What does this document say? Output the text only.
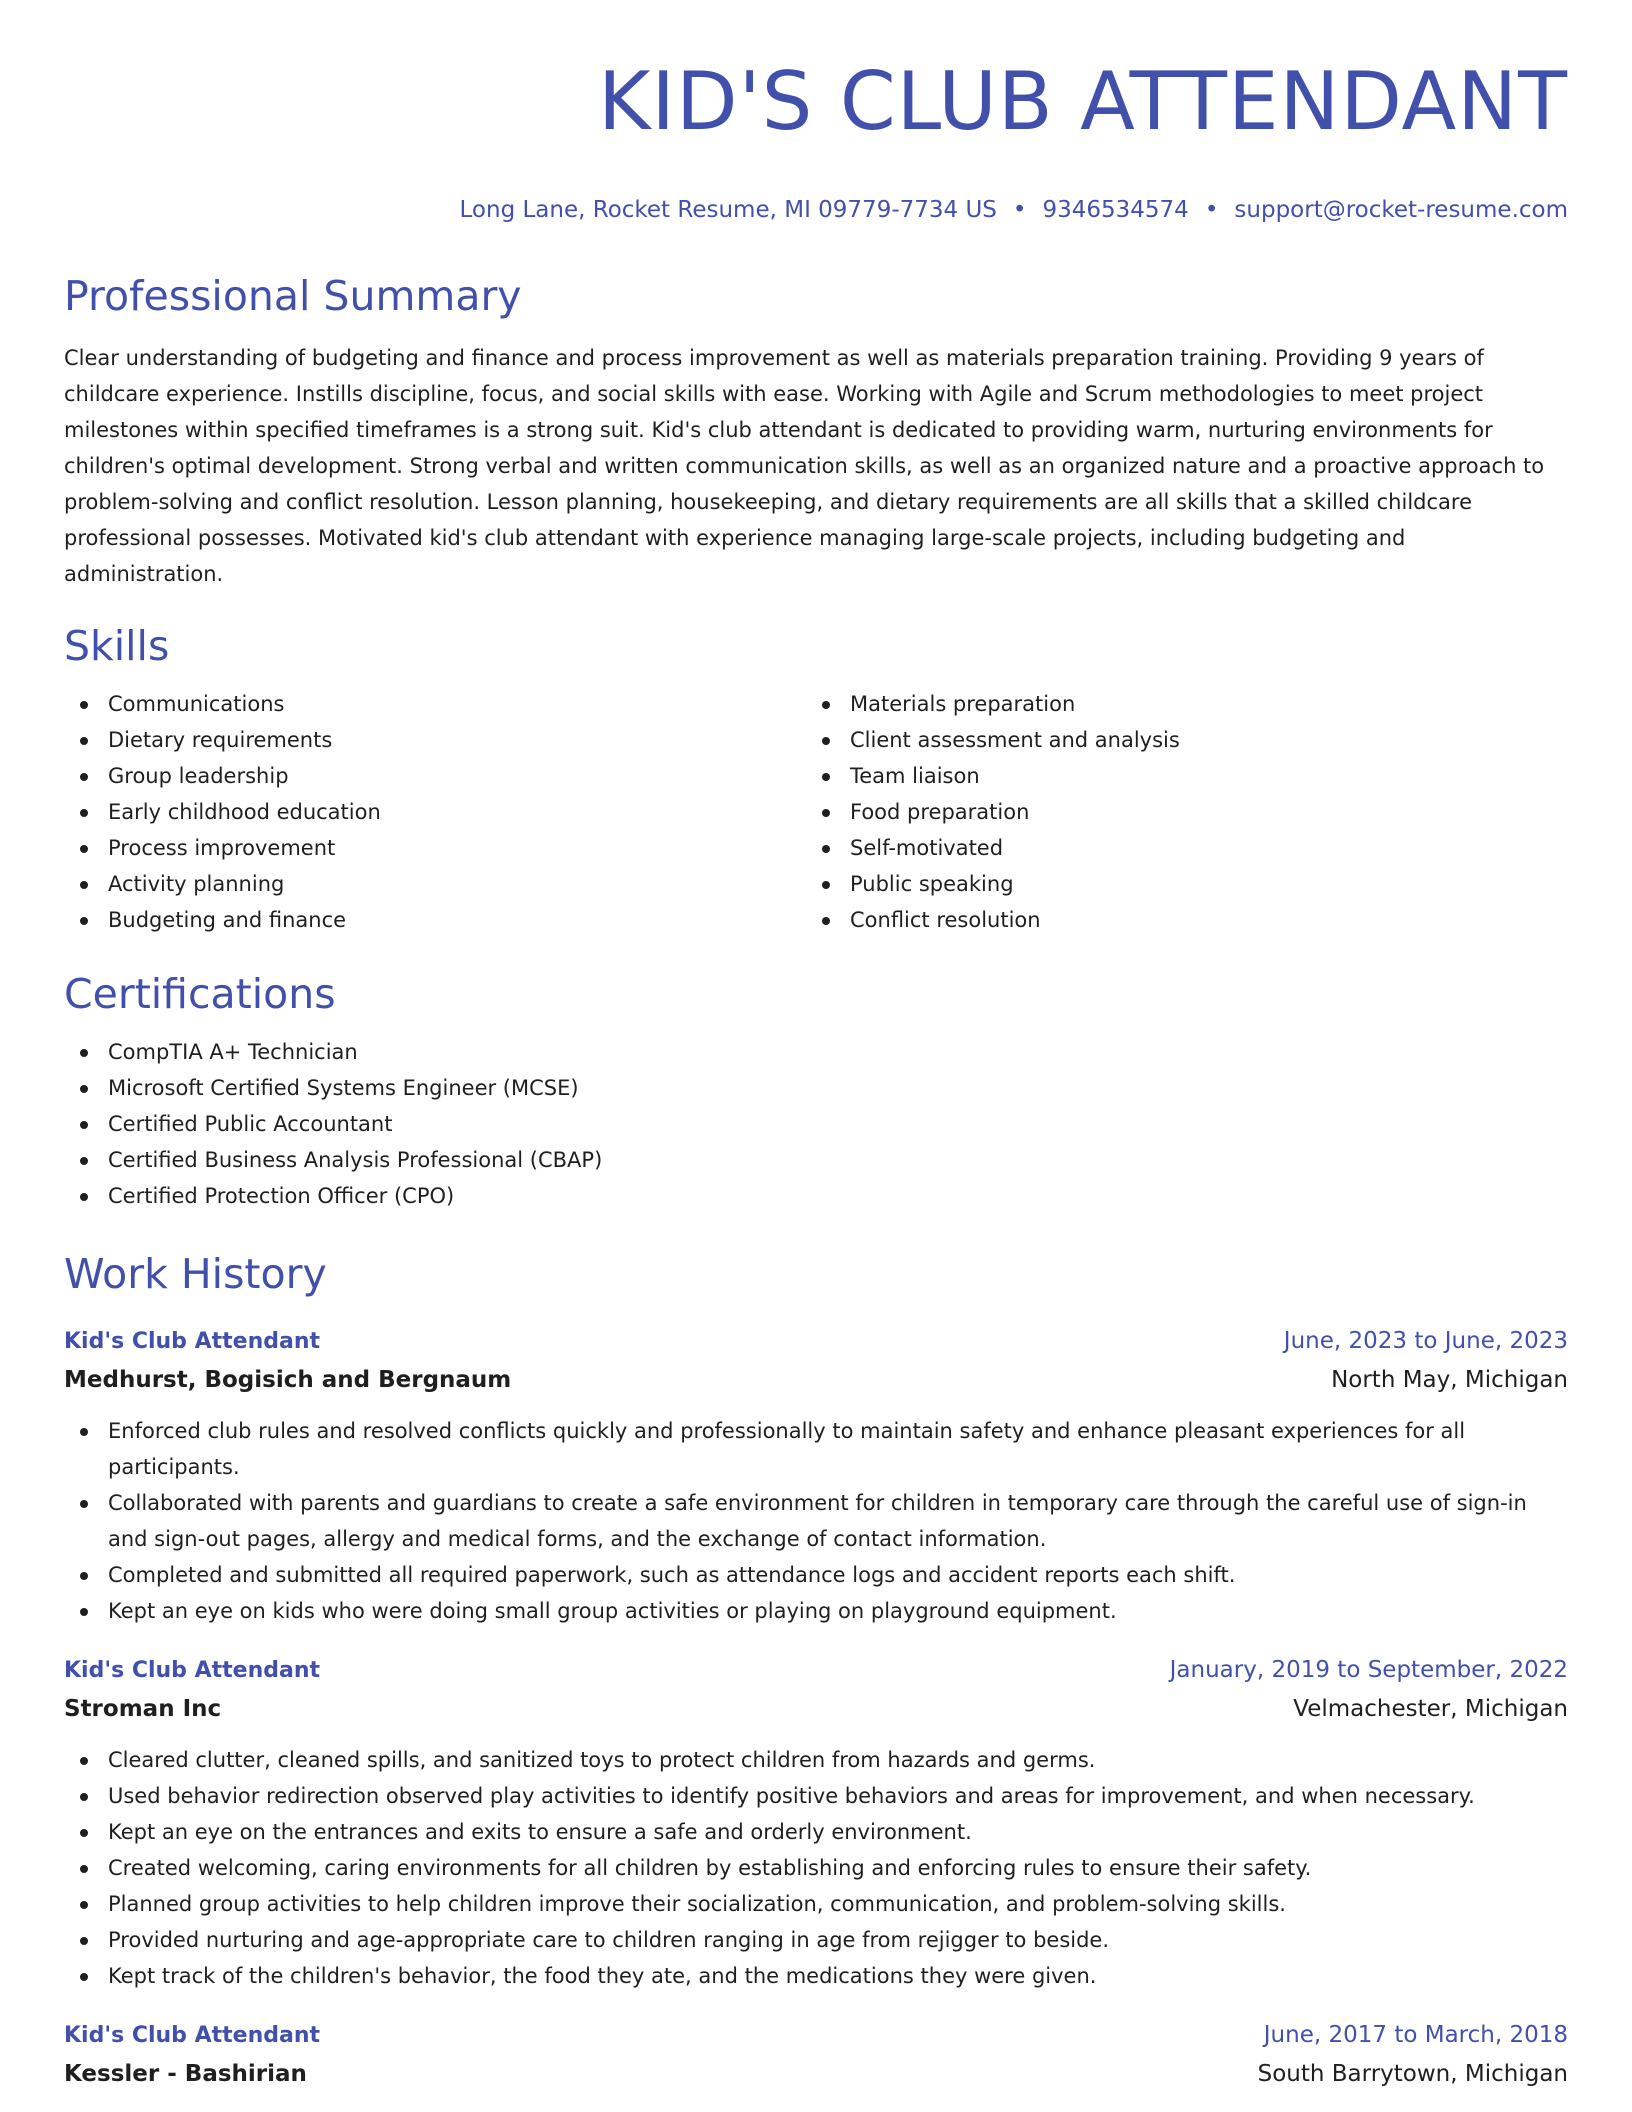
KID'S CLUB ATTENDANT
Long Lane, Rocket Resume, MI 09779-7734 US • 9346534574 • support@rocket-resume.com
Professional Summary

Clear understanding of budgeting and finance and process improvement as well as materials preparation training. Providing 9 years of childcare experience. Instills discipline, focus, and social skills with ease. Working with Agile and Scrum methodologies to meet project milestones within specified timeframes is a strong suit. Kid's club attendant is dedicated to providing warm, nurturing environments for children's optimal development. Strong verbal and written communication skills, as well as an organized nature and a proactive approach to problem-solving and conflict resolution. Lesson planning, housekeeping, and dietary requirements are all skills that a skilled childcare professional possesses. Motivated kid's club attendant with experience managing large-scale projects, including budgeting and administration.

Skills
Communications
Dietary requirements
Group leadership
Early childhood education
Process improvement
Activity planning
Budgeting and finance
Materials preparation
Client assessment and analysis
Team liaison
Food preparation
Self-motivated
Public speaking
Conflict resolution
Certifications
CompTIA A+ Technician
Microsoft Certified Systems Engineer (MCSE)
Certified Public Accountant
Certified Business Analysis Professional (CBAP)
Certified Protection Officer (CPO)
Work History
Kid's Club Attendant	June, 2023 to June, 2023
Medhurst, Bogisich and Bergnaum	North May, Michigan
Enforced club rules and resolved conflicts quickly and professionally to maintain safety and enhance pleasant experiences for all participants.
Collaborated with parents and guardians to create a safe environment for children in temporary care through the careful use of sign-in and sign-out pages, allergy and medical forms, and the exchange of contact information.
Completed and submitted all required paperwork, such as attendance logs and accident reports each shift.
Kept an eye on kids who were doing small group activities or playing on playground equipment.
Kid's Club Attendant	January, 2019 to September, 2022
Stroman Inc	Velmachester, Michigan
Cleared clutter, cleaned spills, and sanitized toys to protect children from hazards and germs.
Used behavior redirection observed play activities to identify positive behaviors and areas for improvement, and when necessary.
Kept an eye on the entrances and exits to ensure a safe and orderly environment.
Created welcoming, caring environments for all children by establishing and enforcing rules to ensure their safety.
Planned group activities to help children improve their socialization, communication, and problem-solving skills.
Provided nurturing and age-appropriate care to children ranging in age from rejigger to beside.
Kept track of the children's behavior, the food they ate, and the medications they were given.
Kid's Club Attendant	June, 2017 to March, 2018
Kessler - Bashirian	South Barrytown, Michigan
